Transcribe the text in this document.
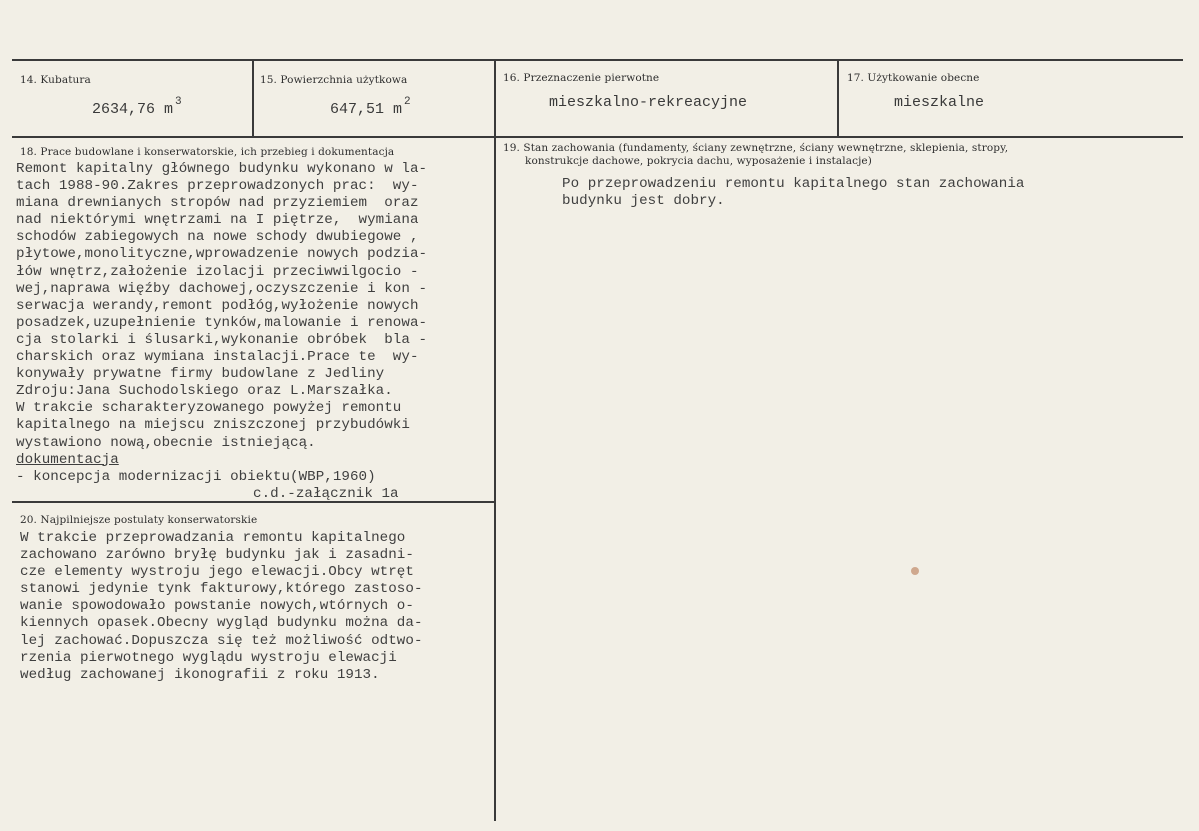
14. Kubatura
2634,76 m $^3$
15. Powierzchnia użytkowa
647,51 m $^2$
16. Przeznaczenie pierwotne
mieszkalno-rekreacyjne
17. Użytkowanie obecne
mieszkalne
18. Prace budowlane i konserwatorskie, ich przebieg i dokumentacja
Remont kapitalny głównego budynku wykonano w la-
tach 1988-90.Zakres przeprowadzonych prac:  wy-
miana drewnianych stropów nad przyziemiem  oraz
nad niektórymi wnętrzami na I piętrze,  wymiana
schodów zabiegowych na nowe schody dwubiegowe ,
płytowe,monolityczne,wprowadzenie nowych podzia-
łów wnętrz,założenie izolacji przeciwwilgocio -
wej,naprawa więźby dachowej,oczyszczenie i kon -
serwacja werandy,remont podłóg,wyłożenie nowych
posadzek,uzupełnienie tynków,malowanie i renowa-
cja stolarki i ślusarki,wykonanie obróbek  bla -
charskich oraz wymiana instalacji.Prace te  wy-
konywały prywatne firmy budowlane z Jedliny
Zdroju:Jana Suchodolskiego oraz L.Marszałka.
W trakcie scharakteryzowanego powyżej remontu
kapitalnego na miejscu zniszczonej przybudówki
wystawiono nową,obecnie istniejącą.
dokumentacja
- koncepcja modernizacji obiektu(WBP,1960)
c.d.-załącznik 1a
19. Stan zachowania (fundamenty, ściany zewnętrzne, ściany wewnętrzne, sklepienia, stropy,
konstrukcje dachowe, pokrycia dachu, wyposażenie i instalacje)
Po przeprowadzeniu remontu kapitalnego stan zachowania
budynku jest dobry.
20. Najpilniejsze postulaty konserwatorskie
W trakcie przeprowadzania remontu kapitalnego
zachowano zarówno bryłę budynku jak i zasadni-
cze elementy wystroju jego elewacji.Obcy wtręt
stanowi jedynie tynk fakturowy,którego zastoso-
wanie spowodowało powstanie nowych,wtórnych o-
kiennych opasek.Obecny wygląd budynku można da-
lej zachować.Dopuszcza się też możliwość odtwo-
rzenia pierwotnego wyglądu wystroju elewacji
według zachowanej ikonografii z roku 1913.
